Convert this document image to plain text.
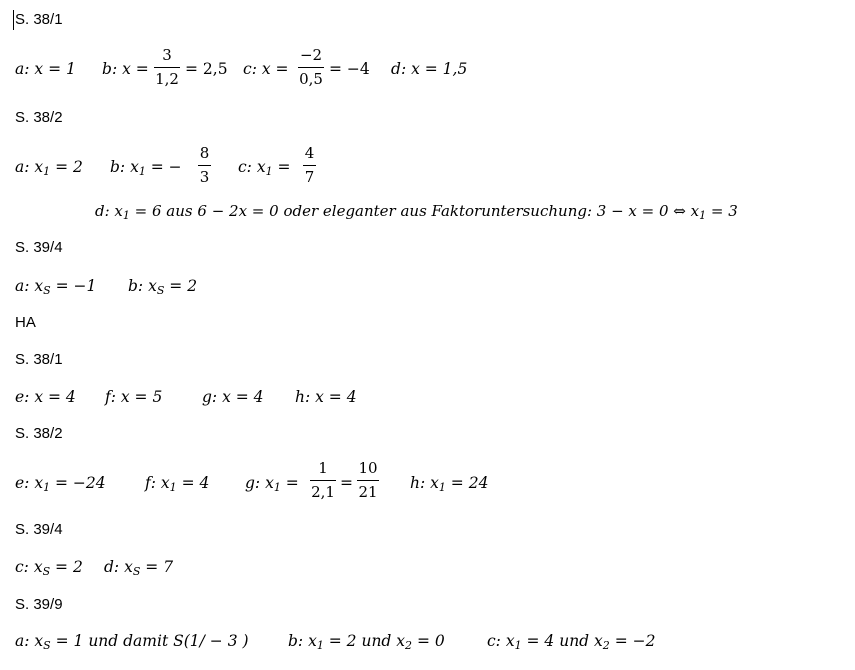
S. 38/1
a: x = 1 b: x =
3
1,2
= 2,5 c: x =
−2
0,5
= −4 d: x = 1,5
S. 38/2
a: $x_1 = 2$ b: $x_1$ = −
8
3
c: $x_1$ =
4
7
d: $x_1 = 6$ aus 6 − 2x = 0 oder eleganter aus Faktoruntersuchung: 3 − x = 0 ⇔ $x_1 = 3$
S. 39/4
a: $x_S = -1$ b: $x_S = 2$
HA
S. 38/1
e: x = 4 f: x = 5	g: x = 4 h: x = 4
S. 38/2
e: $x_1 = -24$	f: $x_1 = 4$ g: $x_1$ =
1
2,1 =
10
21 h: $x_1 = 24$
S. 39/4
c: $x_S = 2$ d: $x_S = 7$
S. 39/9
a: $x_S = 1$ und damit S(1/ − 3 )	b: $x_1 = 2$ und $x_2 = 0$	c: $x_1 = 4$ und $x_2 = -2$
